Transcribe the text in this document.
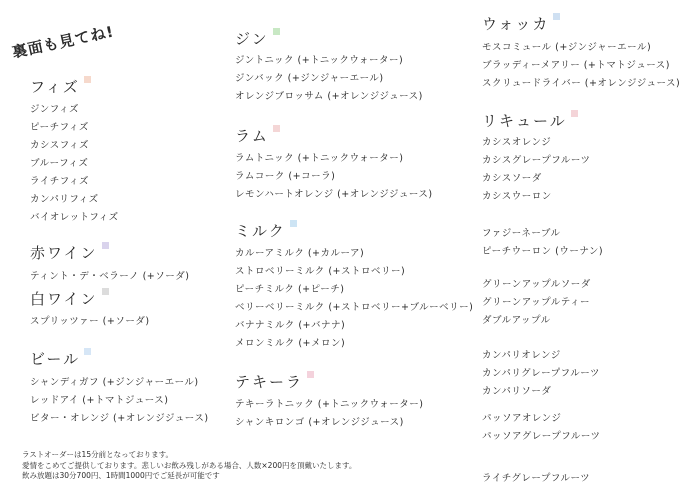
裏面も見てね!
フィズ
ジンフィズ
ピーチフィズ
カシスフィズ
ブルーフィズ
ライチフィズ
カンパリフィズ
バイオレットフィズ
赤ワイン
ティント・デ・ベラーノ (+ソーダ)
白ワイン
スプリッツァー (+ソーダ)
ビール
シャンディガフ (+ジンジャーエール)
レッドアイ (+トマトジュース)
ビター・オレンジ (+オレンジジュース)
ジン
ジントニック (+トニックウォーター)
ジンバック (+ジンジャーエール)
オレンジブロッサム (+オレンジジュース)
ラム
ラムトニック (+トニックウォーター)
ラムコーク (+コーラ)
レモンハートオレンジ (+オレンジジュース)
ミルク
カルーアミルク (+カルーア)
ストロベリーミルク (+ストロベリー)
ピーチミルク (+ピーチ)
ベリーベリーミルク (+ストロベリー+ブルーベリー)
バナナミルク (+バナナ)
メロンミルク (+メロン)
テキーラ
テキーラトニック (+トニックウォーター)
シャンキロンゴ (+オレンジジュース)
ウォッカ
モスコミュール (+ジンジャーエール)
ブラッディーメアリー (+トマトジュース)
スクリュードライバー (+オレンジジュース)
リキュール
カシスオレンジ
カシスグレープフルーツ
カシスソーダ
カシスウーロン
ファジーネーブル
ピーチウーロン (ウーナン)
グリーンアップルソーダ
グリーンアップルティー
ダブルアップル
カンパリオレンジ
カンパリグレープフルーツ
カンパリソーダ
パッソアオレンジ
パッソアグレープフルーツ
ライチグレープフルーツ
ラストオーダーは15分前となっております。
愛情をこめてご提供しております。悲しいお飲み残しがある場合、人数×200円を頂戴いたします。
飲み放題は30分700円、1時間1000円でご延長が可能です
